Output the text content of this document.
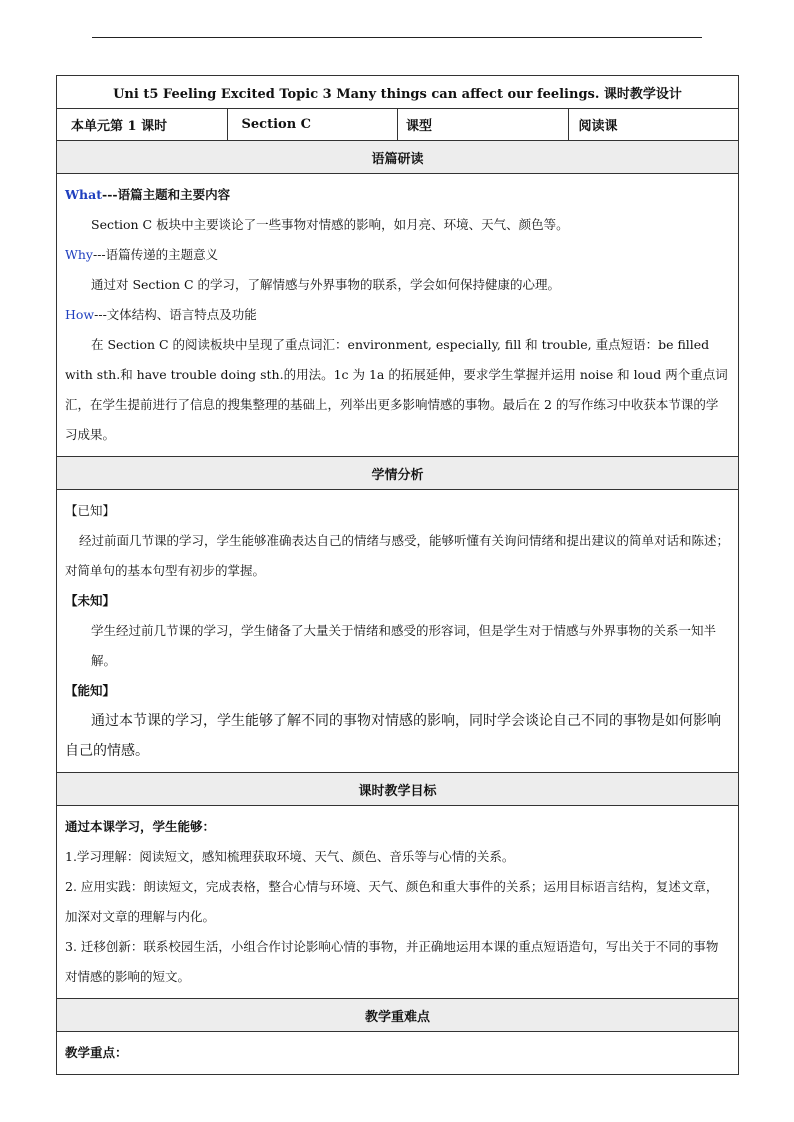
Uni t5 Feeling Excited Topic 3 Many things can affect our feelings. 课时教学设计
本单元第 1 课时	Section C	课型	阅读课
语篇研读

What---语篇主题和主要内容

Section C 板块中主要谈论了一些事物对情感的影响，如月亮、环境、天气、颜色等。

Why---语篇传递的主题意义

通过对 Section C 的学习，了解情感与外界事物的联系，学会如何保持健康的心理。

How---文体结构、语言特点及功能

在 Section C 的阅读板块中呈现了重点词汇：environment, especially, fill 和 trouble, 重点短语：be filled with sth.和 have trouble doing sth.的用法。1c 为 1a 的拓展延伸，要求学生掌握并运用 noise 和 loud 两个重点词汇，在学生提前进行了信息的搜集整理的基础上，列举出更多影响情感的事物。最后在 2 的写作练习中收获本节课的学习成果。

学情分析

【已知】

经过前面几节课的学习，学生能够准确表达自己的情绪与感受，能够听懂有关询问情绪和提出建议的简单对话和陈述；对简单句的基本句型有初步的掌握。

【未知】

学生经过前几节课的学习，学生储备了大量关于情绪和感受的形容词，但是学生对于情感与外界事物的关系一知半解。

【能知】

通过本节课的学习，学生能够了解不同的事物对情感的影响，同时学会谈论自己不同的事物是如何影响自己的情感。

课时教学目标

通过本课学习，学生能够：

1.学习理解：阅读短文，感知梳理获取环境、天气、颜色、音乐等与心情的关系。

2. 应用实践：朗读短文，完成表格，整合心情与环境、天气、颜色和重大事件的关系；运用目标语言结构，复述文章，加深对文章的理解与内化。

3. 迁移创新：联系校园生活，小组合作讨论影响心情的事物，并正确地运用本课的重点短语造句，写出关于不同的事物对情感的影响的短文。

教学重难点

教学重点：
